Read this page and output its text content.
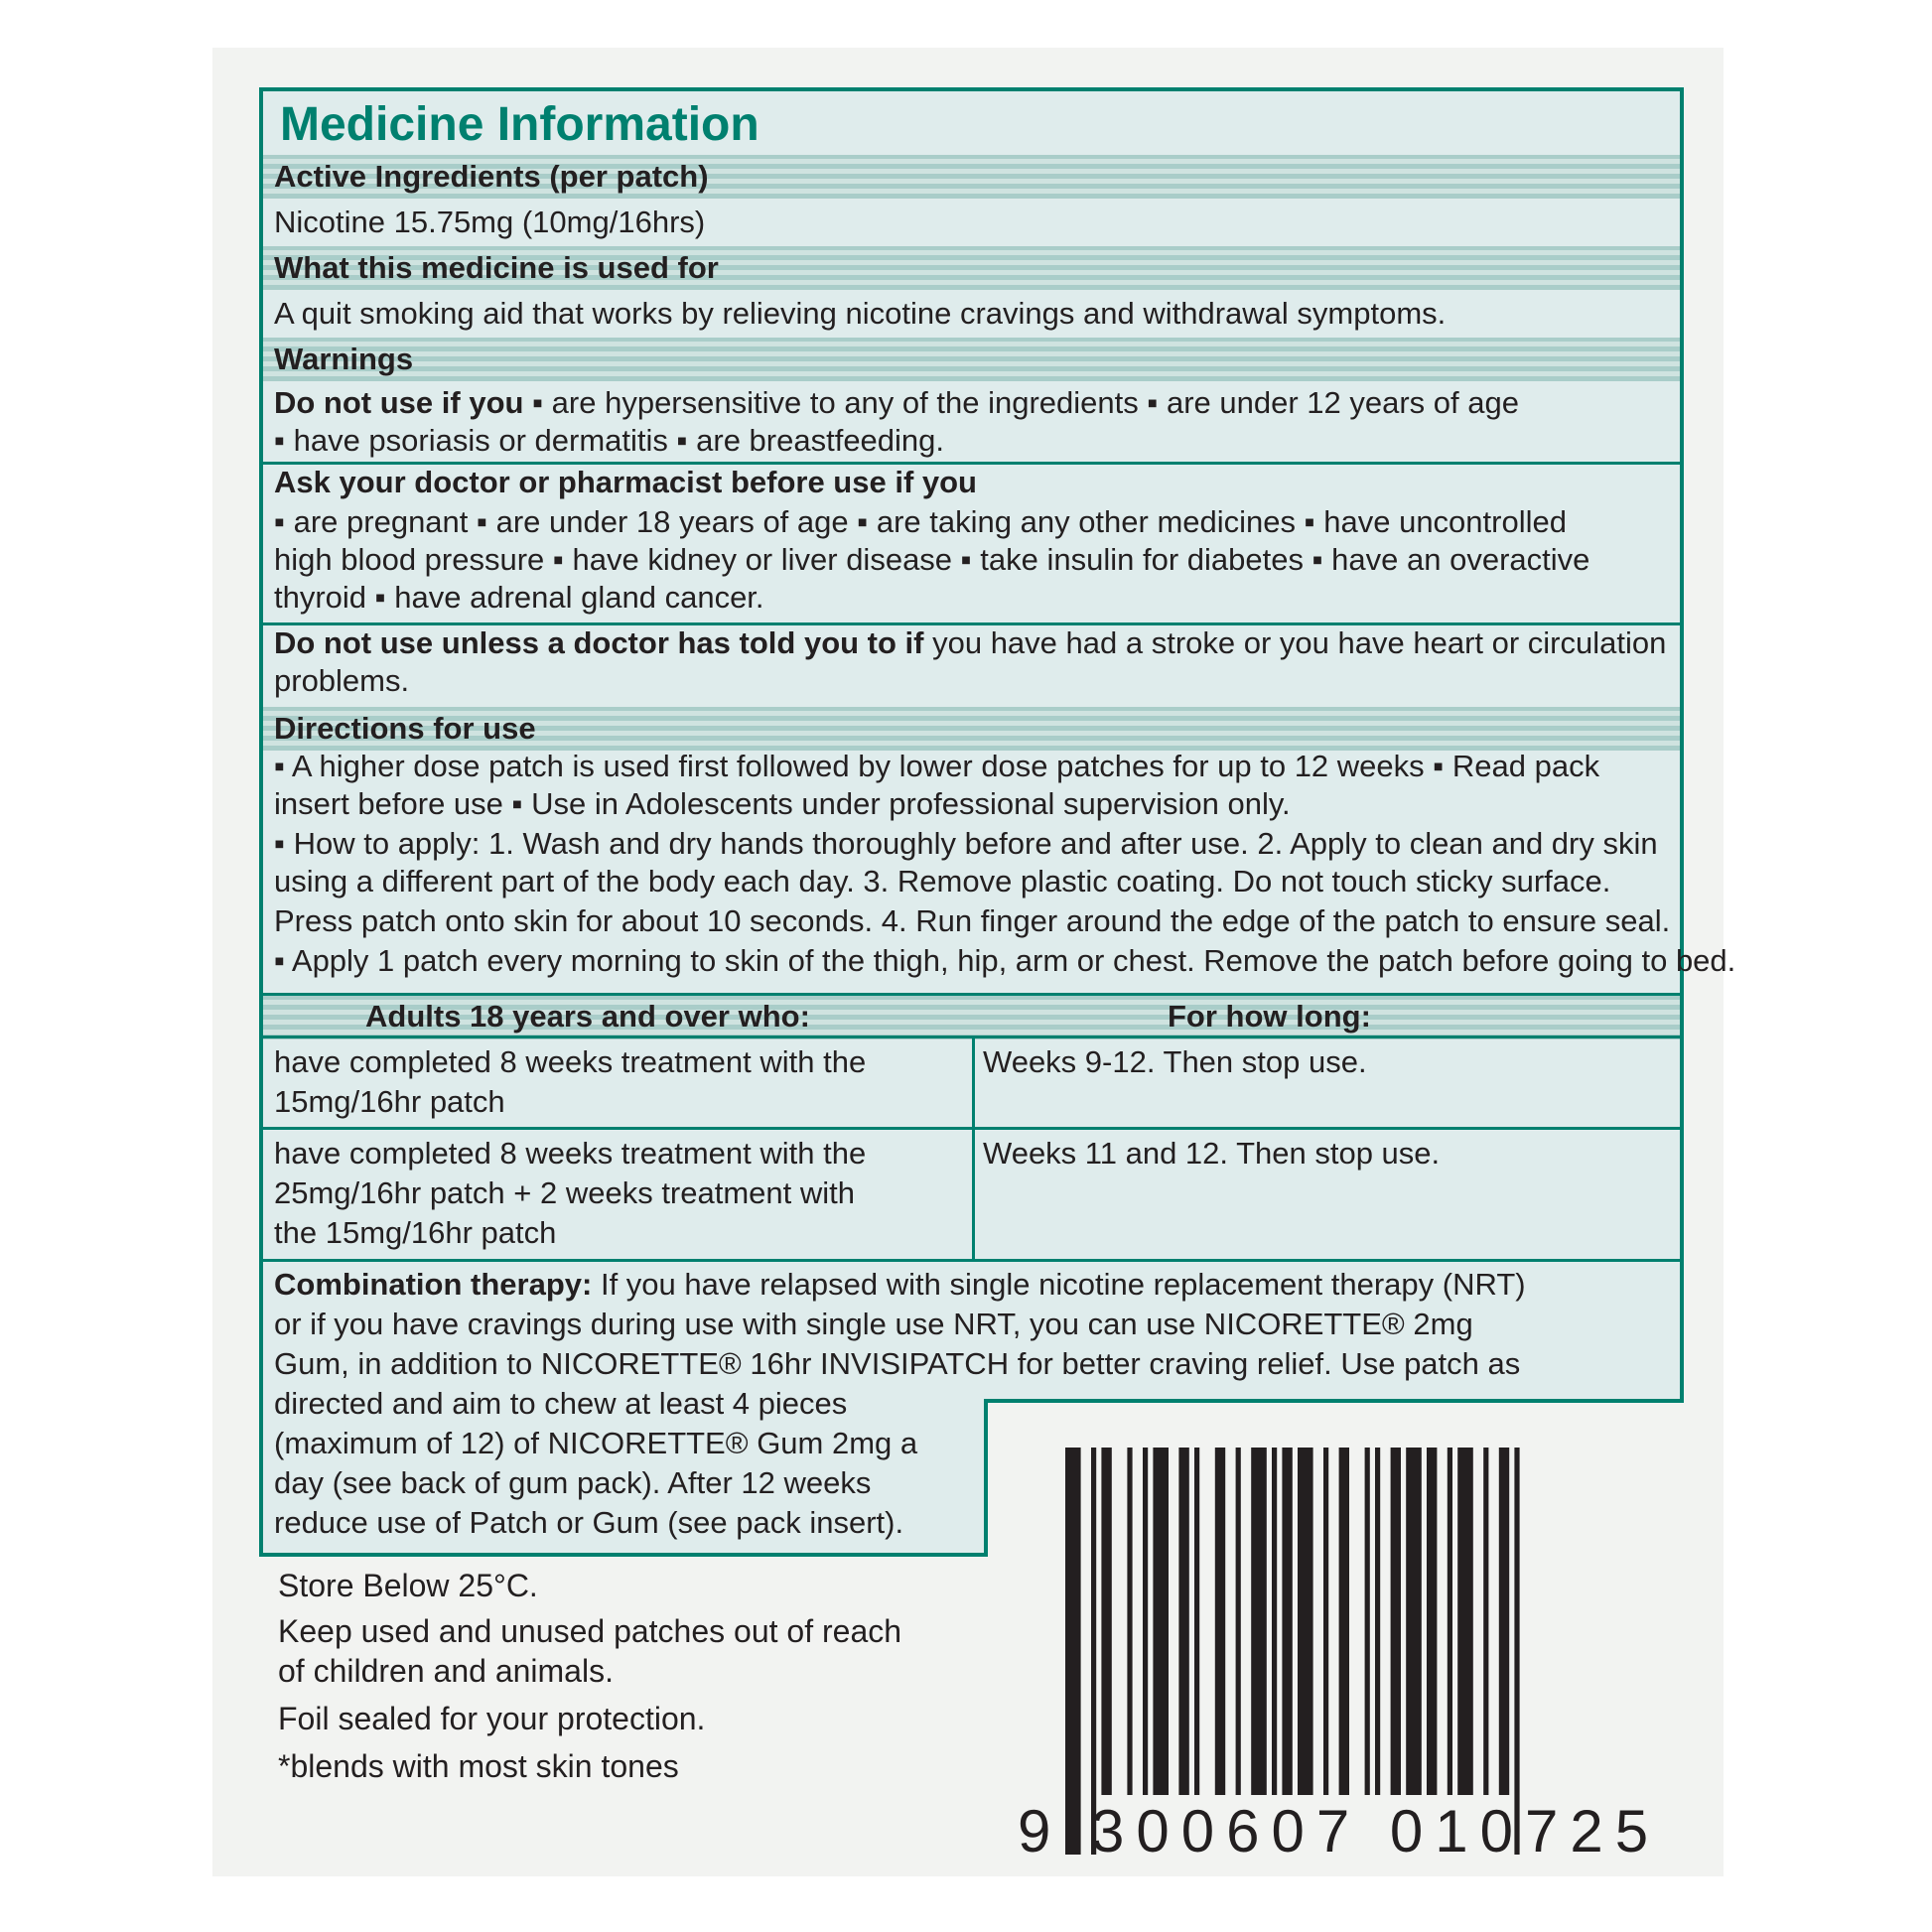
Medicine Information
Active Ingredients (per patch)
Nicotine 15.75mg (10mg/16hrs)
What this medicine is used for
A quit smoking aid that works by relieving nicotine cravings and withdrawal symptoms.
Warnings
Do not use if you ▪ are hypersensitive to any of the ingredients ▪ are under 12 years of age
▪ have psoriasis or dermatitis ▪ are breastfeeding.
Ask your doctor or pharmacist before use if you
▪ are pregnant ▪ are under 18 years of age ▪ are taking any other medicines ▪ have uncontrolled
high blood pressure ▪ have kidney or liver disease ▪ take insulin for diabetes ▪ have an overactive
thyroid ▪ have adrenal gland cancer.
Do not use unless a doctor has told you to if you have had a stroke or you have heart or circulation
problems.
Directions for use
▪ A higher dose patch is used first followed by lower dose patches for up to 12 weeks ▪ Read pack
insert before use ▪ Use in Adolescents under professional supervision only.
▪ How to apply: 1. Wash and dry hands thoroughly before and after use. 2. Apply to clean and dry skin
using a different part of the body each day. 3. Remove plastic coating. Do not touch sticky surface.
Press patch onto skin for about 10 seconds. 4. Run finger around the edge of the patch to ensure seal.
▪ Apply 1 patch every morning to skin of the thigh, hip, arm or chest. Remove the patch before going to bed.
Adults 18 years and over who:	For how long:
have completed 8 weeks treatment with the
15mg/16hr patch
Weeks 9-12. Then stop use.
have completed 8 weeks treatment with the
25mg/16hr patch + 2 weeks treatment with
the 15mg/16hr patch
Weeks 11 and 12. Then stop use.
Combination therapy: If you have relapsed with single nicotine replacement therapy (NRT)
or if you have cravings during use with single use NRT, you can use NICORETTE® 2mg
Gum, in addition to NICORETTE® 16hr INVISIPATCH for better craving relief. Use patch as
directed and aim to chew at least 4 pieces
(maximum of 12) of NICORETTE® Gum 2mg a
day (see back of gum pack). After 12 weeks
reduce use of Patch or Gum (see pack insert).
Store Below 25°C.
Keep used and unused patches out of reach
of children and animals.
Foil sealed for your protection.
*blends with most skin tones
9 300607 010725
